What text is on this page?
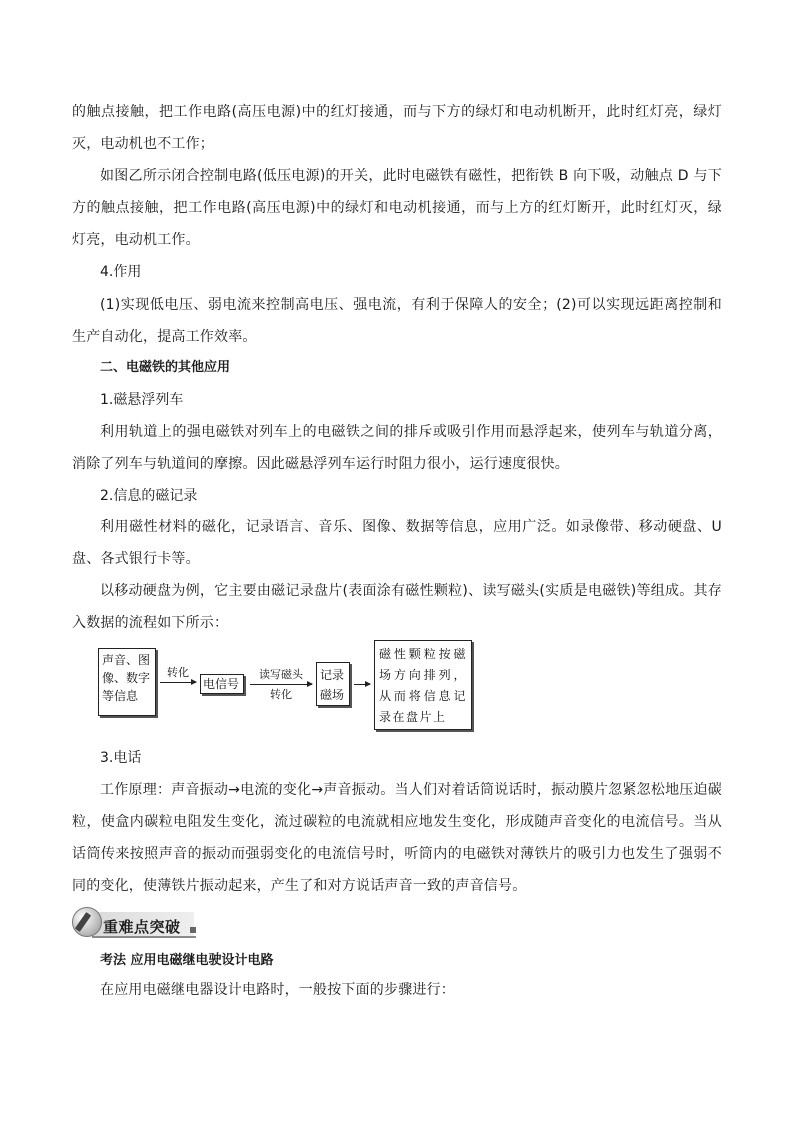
的触点接触，把工作电路(高压电源)中的红灯接通，而与下方的绿灯和电动机断开，此时红灯亮，绿灯灭，电动机也不工作；

如图乙所示闭合控制电路(低压电源)的开关，此时电磁铁有磁性，把衔铁 B 向下吸，动触点 D 与下方的触点接触，把工作电路(高压电源)中的绿灯和电动机接通，而与上方的红灯断开，此时红灯灭，绿灯亮，电动机工作。

4.作用

(1)实现低电压、弱电流来控制高电压、强电流，有利于保障人的安全；(2)可以实现远距离控制和生产自动化，提高工作效率。

二、电磁铁的其他应用

1.磁悬浮列车

利用轨道上的强电磁铁对列车上的电磁铁之间的排斥或吸引作用而悬浮起来，使列车与轨道分离，消除了列车与轨道间的摩擦。因此磁悬浮列车运行时阻力很小，运行速度很快。

2.信息的磁记录

利用磁性材料的磁化，记录语言、音乐、图像、数据等信息，应用广泛。如录像带、移动硬盘、U 盘、各式银行卡等。

以移动硬盘为例，它主要由磁记录盘片(表面涂有磁性颗粒)、读写磁头(实质是电磁铁)等组成。其存入数据的流程如下所示：

声音、图像、数字等信息
转化
电信号
读写磁头
转化
记录磁场
磁性颗粒按磁场方向排列，从而将信息记录在盘片上

3.电话

工作原理：声音振动→电流的变化→声音振动。当人们对着话筒说话时，振动膜片忽紧忽松地压迫碳粒，使盒内碳粒电阻发生变化，流过碳粒的电流就相应地发生变化，形成随声音变化的电流信号。当从话筒传来按照声音的振动而强弱变化的电流信号时，听筒内的电磁铁对薄铁片的吸引力也发生了强弱不同的变化，使薄铁片振动起来，产生了和对方说话声音一致的声音信号。

重难点突破

考法 应用电磁继电驶设计电路

在应用电磁继电器设计电路时，一般按下面的步骤进行：
